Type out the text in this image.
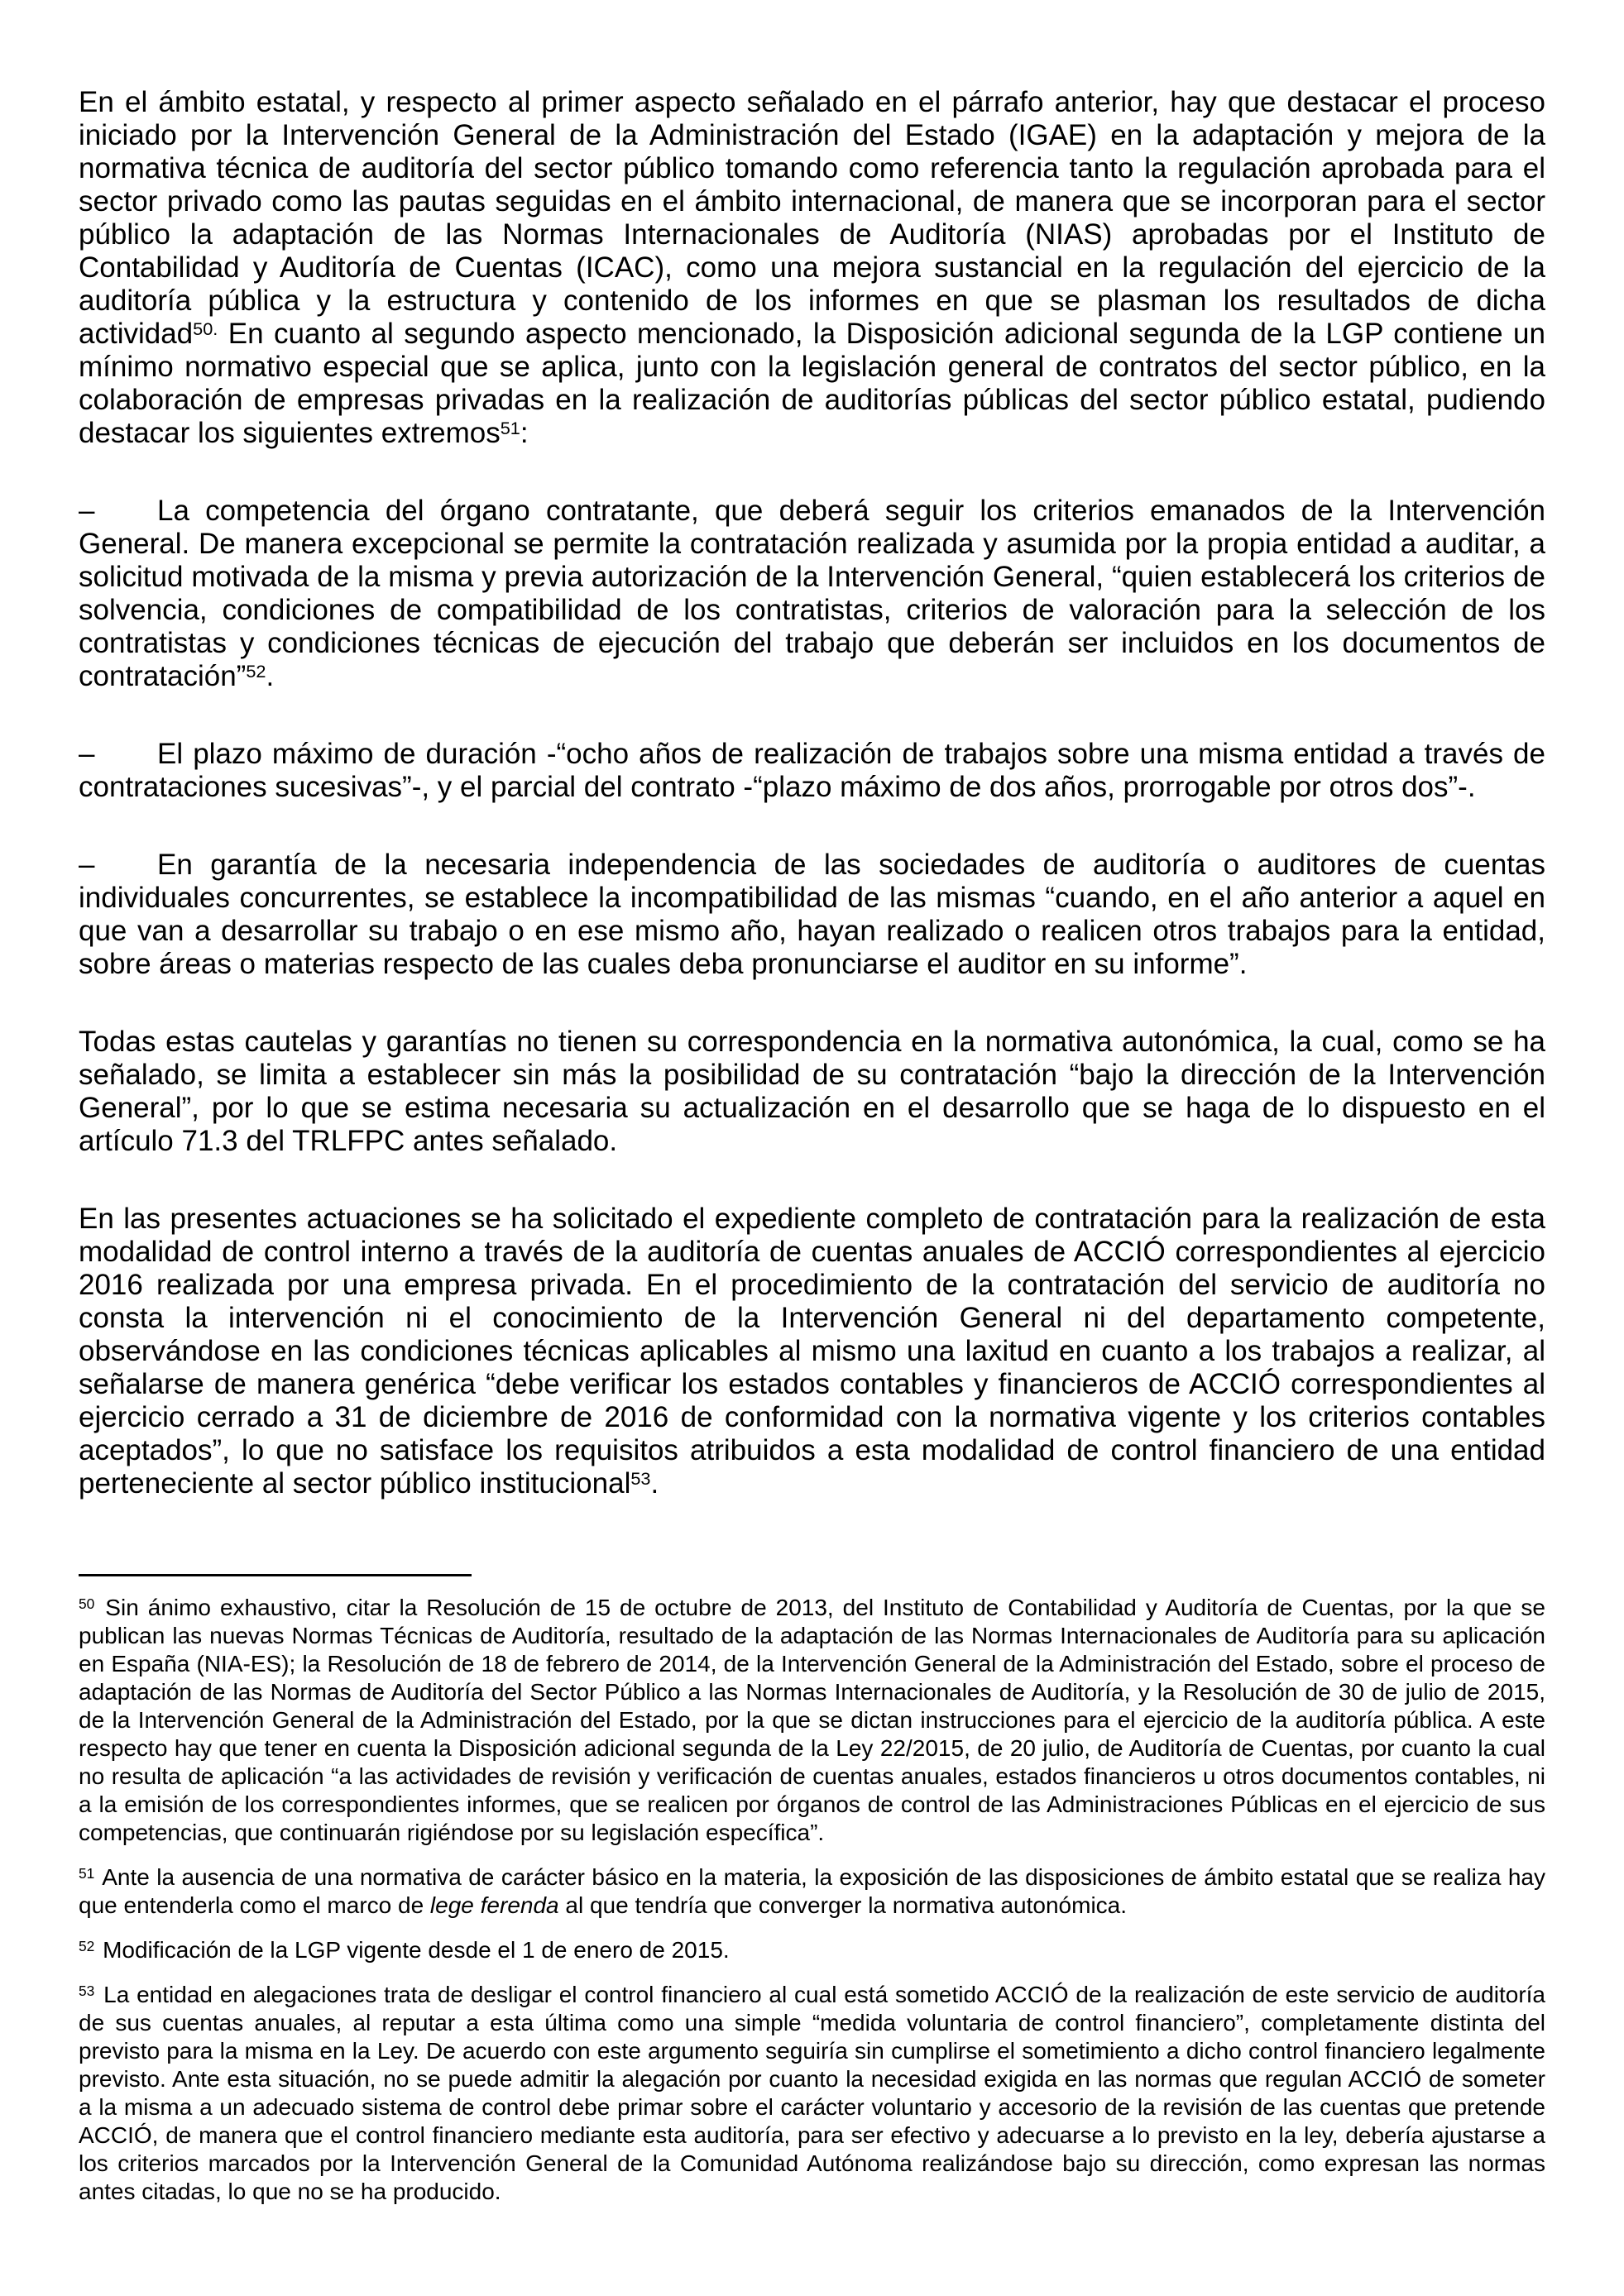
En el ámbito estatal, y respecto al primer aspecto señalado en el párrafo anterior, hay que destacar el proceso iniciado por la Intervención General de la Administración del Estado (IGAE) en la adaptación y mejora de la normativa técnica de auditoría del sector público tomando como referencia tanto la regulación aprobada para el sector privado como las pautas seguidas en el ámbito internacional, de manera que se incorporan para el sector público la adaptación de las Normas Internacionales de Auditoría (NIAS) aprobadas por el Instituto de Contabilidad y Auditoría de Cuentas (ICAC), como una mejora sustancial en la regulación del ejercicio de la auditoría pública y la estructura y contenido de los informes en que se plasman los resultados de dicha actividad$^{50.}$ En cuanto al segundo aspecto mencionado, la Disposición adicional segunda de la LGP contiene un mínimo normativo especial que se aplica, junto con la legislación general de contratos del sector público, en la colaboración de empresas privadas en la realización de auditorías públicas del sector público estatal, pudiendo destacar los siguientes extremos$^{51}$:

– La competencia del órgano contratante, que deberá seguir los criterios emanados de la Intervención General. De manera excepcional se permite la contratación realizada y asumida por la propia entidad a auditar, a solicitud motivada de la misma y previa autorización de la Intervención General, “quien establecerá los criterios de solvencia, condiciones de compatibilidad de los contratistas, criterios de valoración para la selección de los contratistas y condiciones técnicas de ejecución del trabajo que deberán ser incluidos en los documentos de contratación”$^{52}$.

– El plazo máximo de duración -“ocho años de realización de trabajos sobre una misma entidad a través de contrataciones sucesivas”-, y el parcial del contrato -“plazo máximo de dos años, prorrogable por otros dos”-.

– En garantía de la necesaria independencia de las sociedades de auditoría o auditores de cuentas individuales concurrentes, se establece la incompatibilidad de las mismas “cuando, en el año anterior a aquel en que van a desarrollar su trabajo o en ese mismo año, hayan realizado o realicen otros trabajos para la entidad, sobre áreas o materias respecto de las cuales deba pronunciarse el auditor en su informe”.

Todas estas cautelas y garantías no tienen su correspondencia en la normativa autonómica, la cual, como se ha señalado, se limita a establecer sin más la posibilidad de su contratación “bajo la dirección de la Intervención General”, por lo que se estima necesaria su actualización en el desarrollo que se haga de lo dispuesto en el artículo 71.3 del TRLFPC antes señalado.

En las presentes actuaciones se ha solicitado el expediente completo de contratación para la realización de esta modalidad de control interno a través de la auditoría de cuentas anuales de ACCIÓ correspondientes al ejercicio 2016 realizada por una empresa privada. En el procedimiento de la contratación del servicio de auditoría no consta la intervención ni el conocimiento de la Intervención General ni del departamento competente, observándose en las condiciones técnicas aplicables al mismo una laxitud en cuanto a los trabajos a realizar, al señalarse de manera genérica “debe verificar los estados contables y financieros de ACCIÓ correspondientes al ejercicio cerrado a 31 de diciembre de 2016 de conformidad con la normativa vigente y los criterios contables aceptados”, lo que no satisface los requisitos atribuidos a esta modalidad de control financiero de una entidad perteneciente al sector público institucional$^{53}$.

$^{50}$ Sin ánimo exhaustivo, citar la Resolución de 15 de octubre de 2013, del Instituto de Contabilidad y Auditoría de Cuentas, por la que se publican las nuevas Normas Técnicas de Auditoría, resultado de la adaptación de las Normas Internacionales de Auditoría para su aplicación en España (NIA-ES); la Resolución de 18 de febrero de 2014, de la Intervención General de la Administración del Estado, sobre el proceso de adaptación de las Normas de Auditoría del Sector Público a las Normas Internacionales de Auditoría, y la Resolución de 30 de julio de 2015, de la Intervención General de la Administración del Estado, por la que se dictan instrucciones para el ejercicio de la auditoría pública. A este respecto hay que tener en cuenta la Disposición adicional segunda de la Ley 22/2015, de 20 julio, de Auditoría de Cuentas, por cuanto la cual no resulta de aplicación “a las actividades de revisión y verificación de cuentas anuales, estados financieros u otros documentos contables, ni a la emisión de los correspondientes informes, que se realicen por órganos de control de las Administraciones Públicas en el ejercicio de sus competencias, que continuarán rigiéndose por su legislación específica”.

$^{51}$ Ante la ausencia de una normativa de carácter básico en la materia, la exposición de las disposiciones de ámbito estatal que se realiza hay que entenderla como el marco de lege ferenda al que tendría que converger la normativa autonómica.

$^{52}$ Modificación de la LGP vigente desde el 1 de enero de 2015.

$^{53}$ La entidad en alegaciones trata de desligar el control financiero al cual está sometido ACCIÓ de la realización de este servicio de auditoría de sus cuentas anuales, al reputar a esta última como una simple “medida voluntaria de control financiero”, completamente distinta del previsto para la misma en la Ley. De acuerdo con este argumento seguiría sin cumplirse el sometimiento a dicho control financiero legalmente previsto. Ante esta situación, no se puede admitir la alegación por cuanto la necesidad exigida en las normas que regulan ACCIÓ de someter a la misma a un adecuado sistema de control debe primar sobre el carácter voluntario y accesorio de la revisión de las cuentas que pretende ACCIÓ, de manera que el control financiero mediante esta auditoría, para ser efectivo y adecuarse a lo previsto en la ley, debería ajustarse a los criterios marcados por la Intervención General de la Comunidad Autónoma realizándose bajo su dirección, como expresan las normas antes citadas, lo que no se ha producido.
